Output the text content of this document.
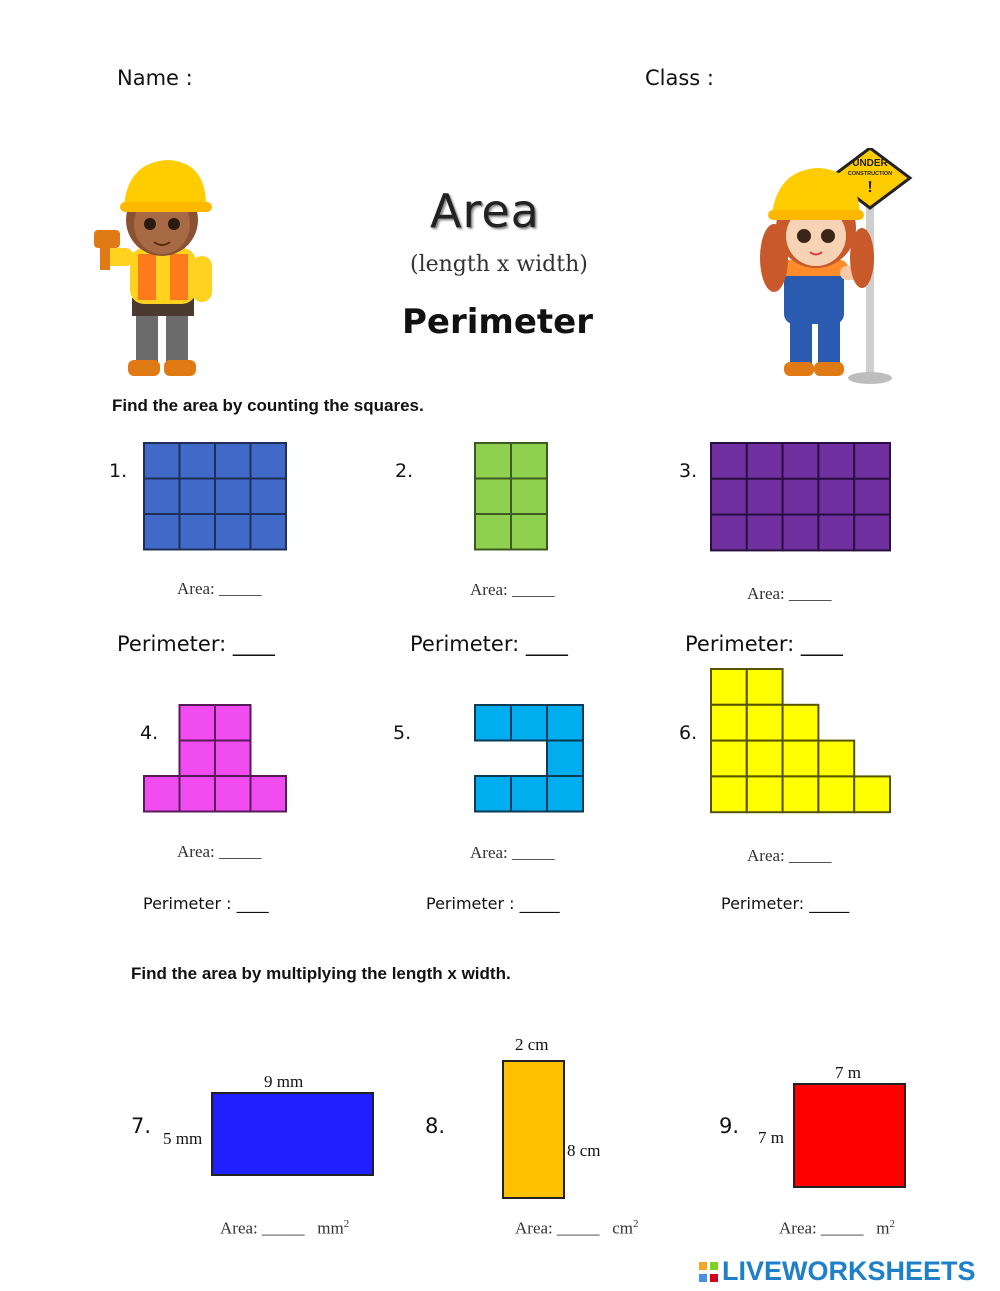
Name :	Class :
UNDER
CONSTRUCTION
!
Area
(length x width)
Perimeter
Find the area by counting the squares.
1.
Area: _____
Perimeter: ____
2.
Area: _____
Perimeter: ____
3.
Area: _____
Perimeter: ____
4.
Area: _____
Perimeter : ____
5.
Area: _____
Perimeter : _____
6.
Area: _____
Perimeter: _____
Find the area by multiplying the length x width.
7.
9 mm
5 mm
Area: _____ $mm^2$
8.
2 cm
8 cm
Area: _____ $cm^2$
9.
7 m
7 m
Area: _____ $m^2$
LIVEWORKSHEETS
